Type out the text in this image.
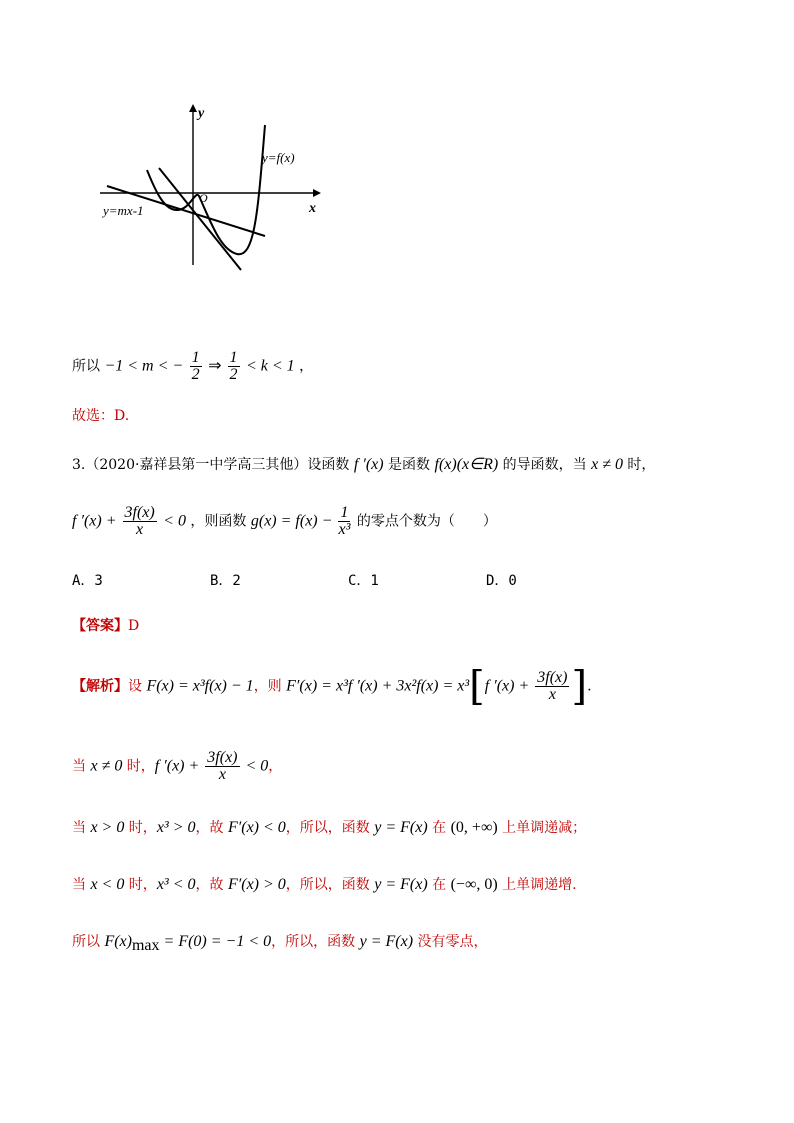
y
x
O
y=f(x)
y=mx-1
所以 −1 < m < − $\frac{1}{2}$ ⇒ $\frac{1}{2} < k < 1$ ，
故选：D.
3.（2020·嘉祥县第一中学高三其他）设函数 f ′(x) 是函数 f(x)(x∈R) 的导函数，当 x ≠ 0 时，
f $'(x) + \frac{3f(x)}{x} < 0$ ，则函数 $g(x) = f(x) - \frac{1}{\text{x³}}$ 的零点个数为（　　）
A．3	B．2	C．1	D．0
【答案】D
【解析】设 F(x) = x³f(x) − 1，则 F′(x) = x³f ′(x) + 3x²f(x) = x³[f $'(x) + \frac{3f(x)}{x}$ ].
当 x ≠ 0 时，f $'(x) + \frac{3f(x)}{x} < 0$，
当 x > 0 时，x³ > 0，故 F′(x) < 0，所以，函数 y = F(x) 在 (0, +∞) 上单调递减；
当 x < 0 时，x³ < 0，故 F′(x) > 0，所以，函数 y = F(x) 在 (−∞, 0) 上单调递增.
所以 $F(x)_{max} = F(0) = -1 < 0$，所以，函数 y = F(x) 没有零点，
